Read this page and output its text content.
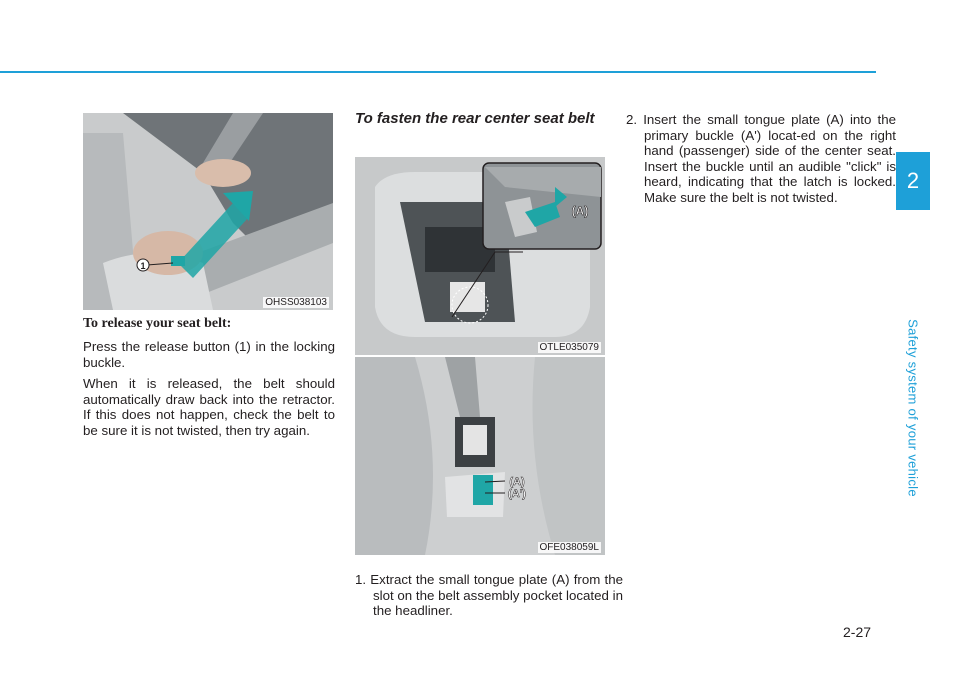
2
Safety system of your vehicle
1
OHSS038103

To release your seat belt:

Press the release button (1) in the locking buckle.

When it is released, the belt should automatically draw back into the retractor. If this does not happen, check the belt to be sure it is not twisted, then try again.

To fasten the rear center seat belt
(A)
OTLE035079
(A)
(A')
OFE038059L
1. Extract the small tongue plate (A) from the slot on the belt assembly pocket located in the headliner.
2. Insert the small tongue plate (A) into the primary buckle (A') locat-ed on the right hand (passenger) side of the center seat. Insert the buckle until an audible "click" is heard, indicating that the latch is locked. Make sure the belt is not twisted.
2-27
